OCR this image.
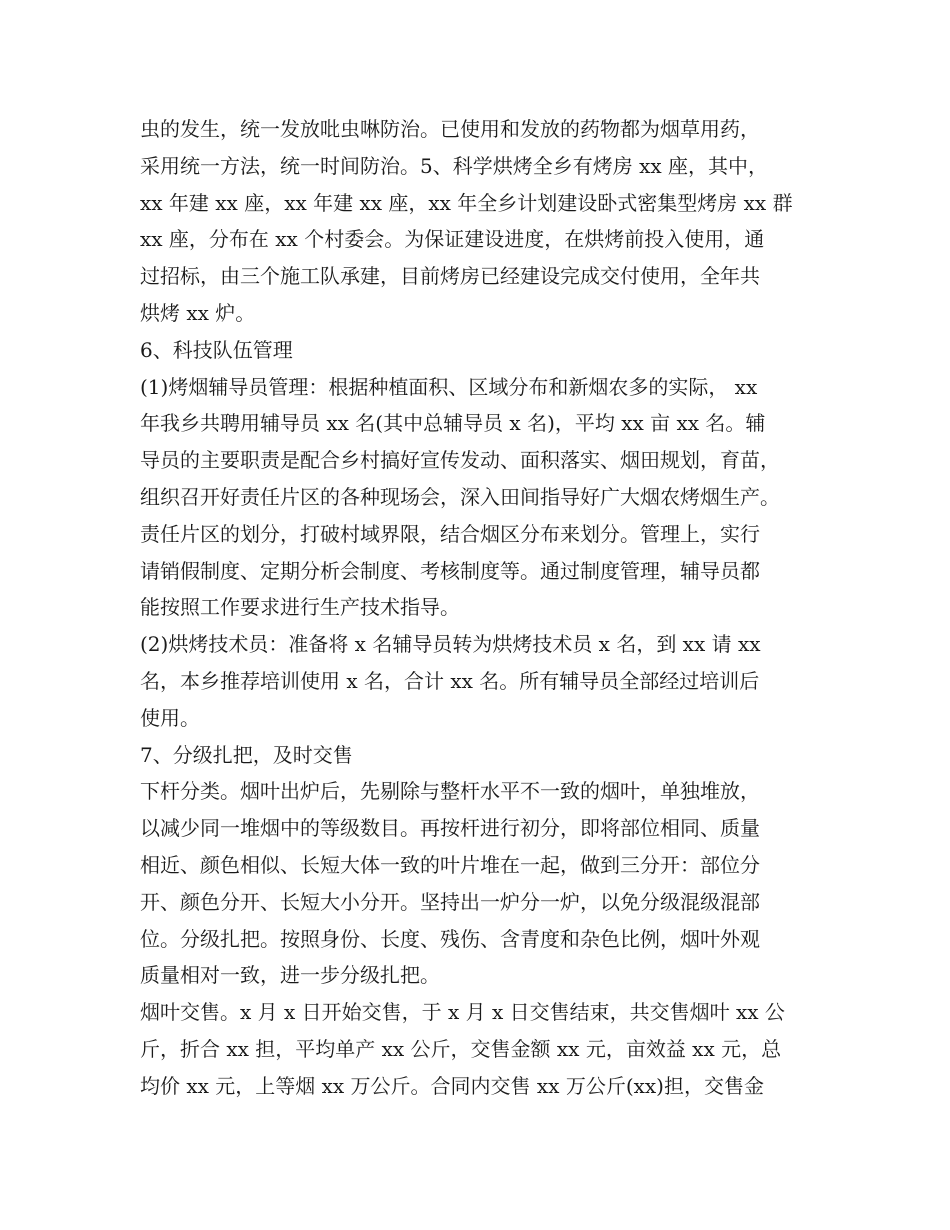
虫的发生，统一发放吡虫啉防治。已使用和发放的药物都为烟草用药，
采用统一方法，统一时间防治。5、科学烘烤全乡有烤房 xx 座，其中，
xx 年建 xx 座，xx 年建 xx 座，xx 年全乡计划建设卧式密集型烤房 xx 群
xx 座，分布在 xx 个村委会。为保证建设进度，在烘烤前投入使用，通
过招标，由三个施工队承建，目前烤房已经建设完成交付使用，全年共
烘烤 xx 炉。
6、科技队伍管理
(1)烤烟辅导员管理：根据种植面积、区域分布和新烟农多的实际， xx
年我乡共聘用辅导员 xx 名(其中总辅导员 x 名)，平均 xx 亩 xx 名。辅
导员的主要职责是配合乡村搞好宣传发动、面积落实、烟田规划，育苗，
组织召开好责任片区的各种现场会，深入田间指导好广大烟农烤烟生产。
责任片区的划分，打破村域界限，结合烟区分布来划分。管理上，实行
请销假制度、定期分析会制度、考核制度等。通过制度管理，辅导员都
能按照工作要求进行生产技术指导。
(2)烘烤技术员：准备将 x 名辅导员转为烘烤技术员 x 名，到 xx 请 xx
名，本乡推荐培训使用 x 名，合计 xx 名。所有辅导员全部经过培训后
使用。
7、分级扎把，及时交售
下杆分类。烟叶出炉后，先剔除与整杆水平不一致的烟叶，单独堆放，
以减少同一堆烟中的等级数目。再按杆进行初分，即将部位相同、质量
相近、颜色相似、长短大体一致的叶片堆在一起，做到三分开：部位分
开、颜色分开、长短大小分开。坚持出一炉分一炉，以免分级混级混部
位。分级扎把。按照身份、长度、残伤、含青度和杂色比例，烟叶外观
质量相对一致，进一步分级扎把。
烟叶交售。x 月 x 日开始交售，于 x 月 x 日交售结束，共交售烟叶 xx 公
斤，折合 xx 担，平均单产 xx 公斤，交售金额 xx 元，亩效益 xx 元，总
均价 xx 元，上等烟 xx 万公斤。合同内交售 xx 万公斤(xx)担，交售金
